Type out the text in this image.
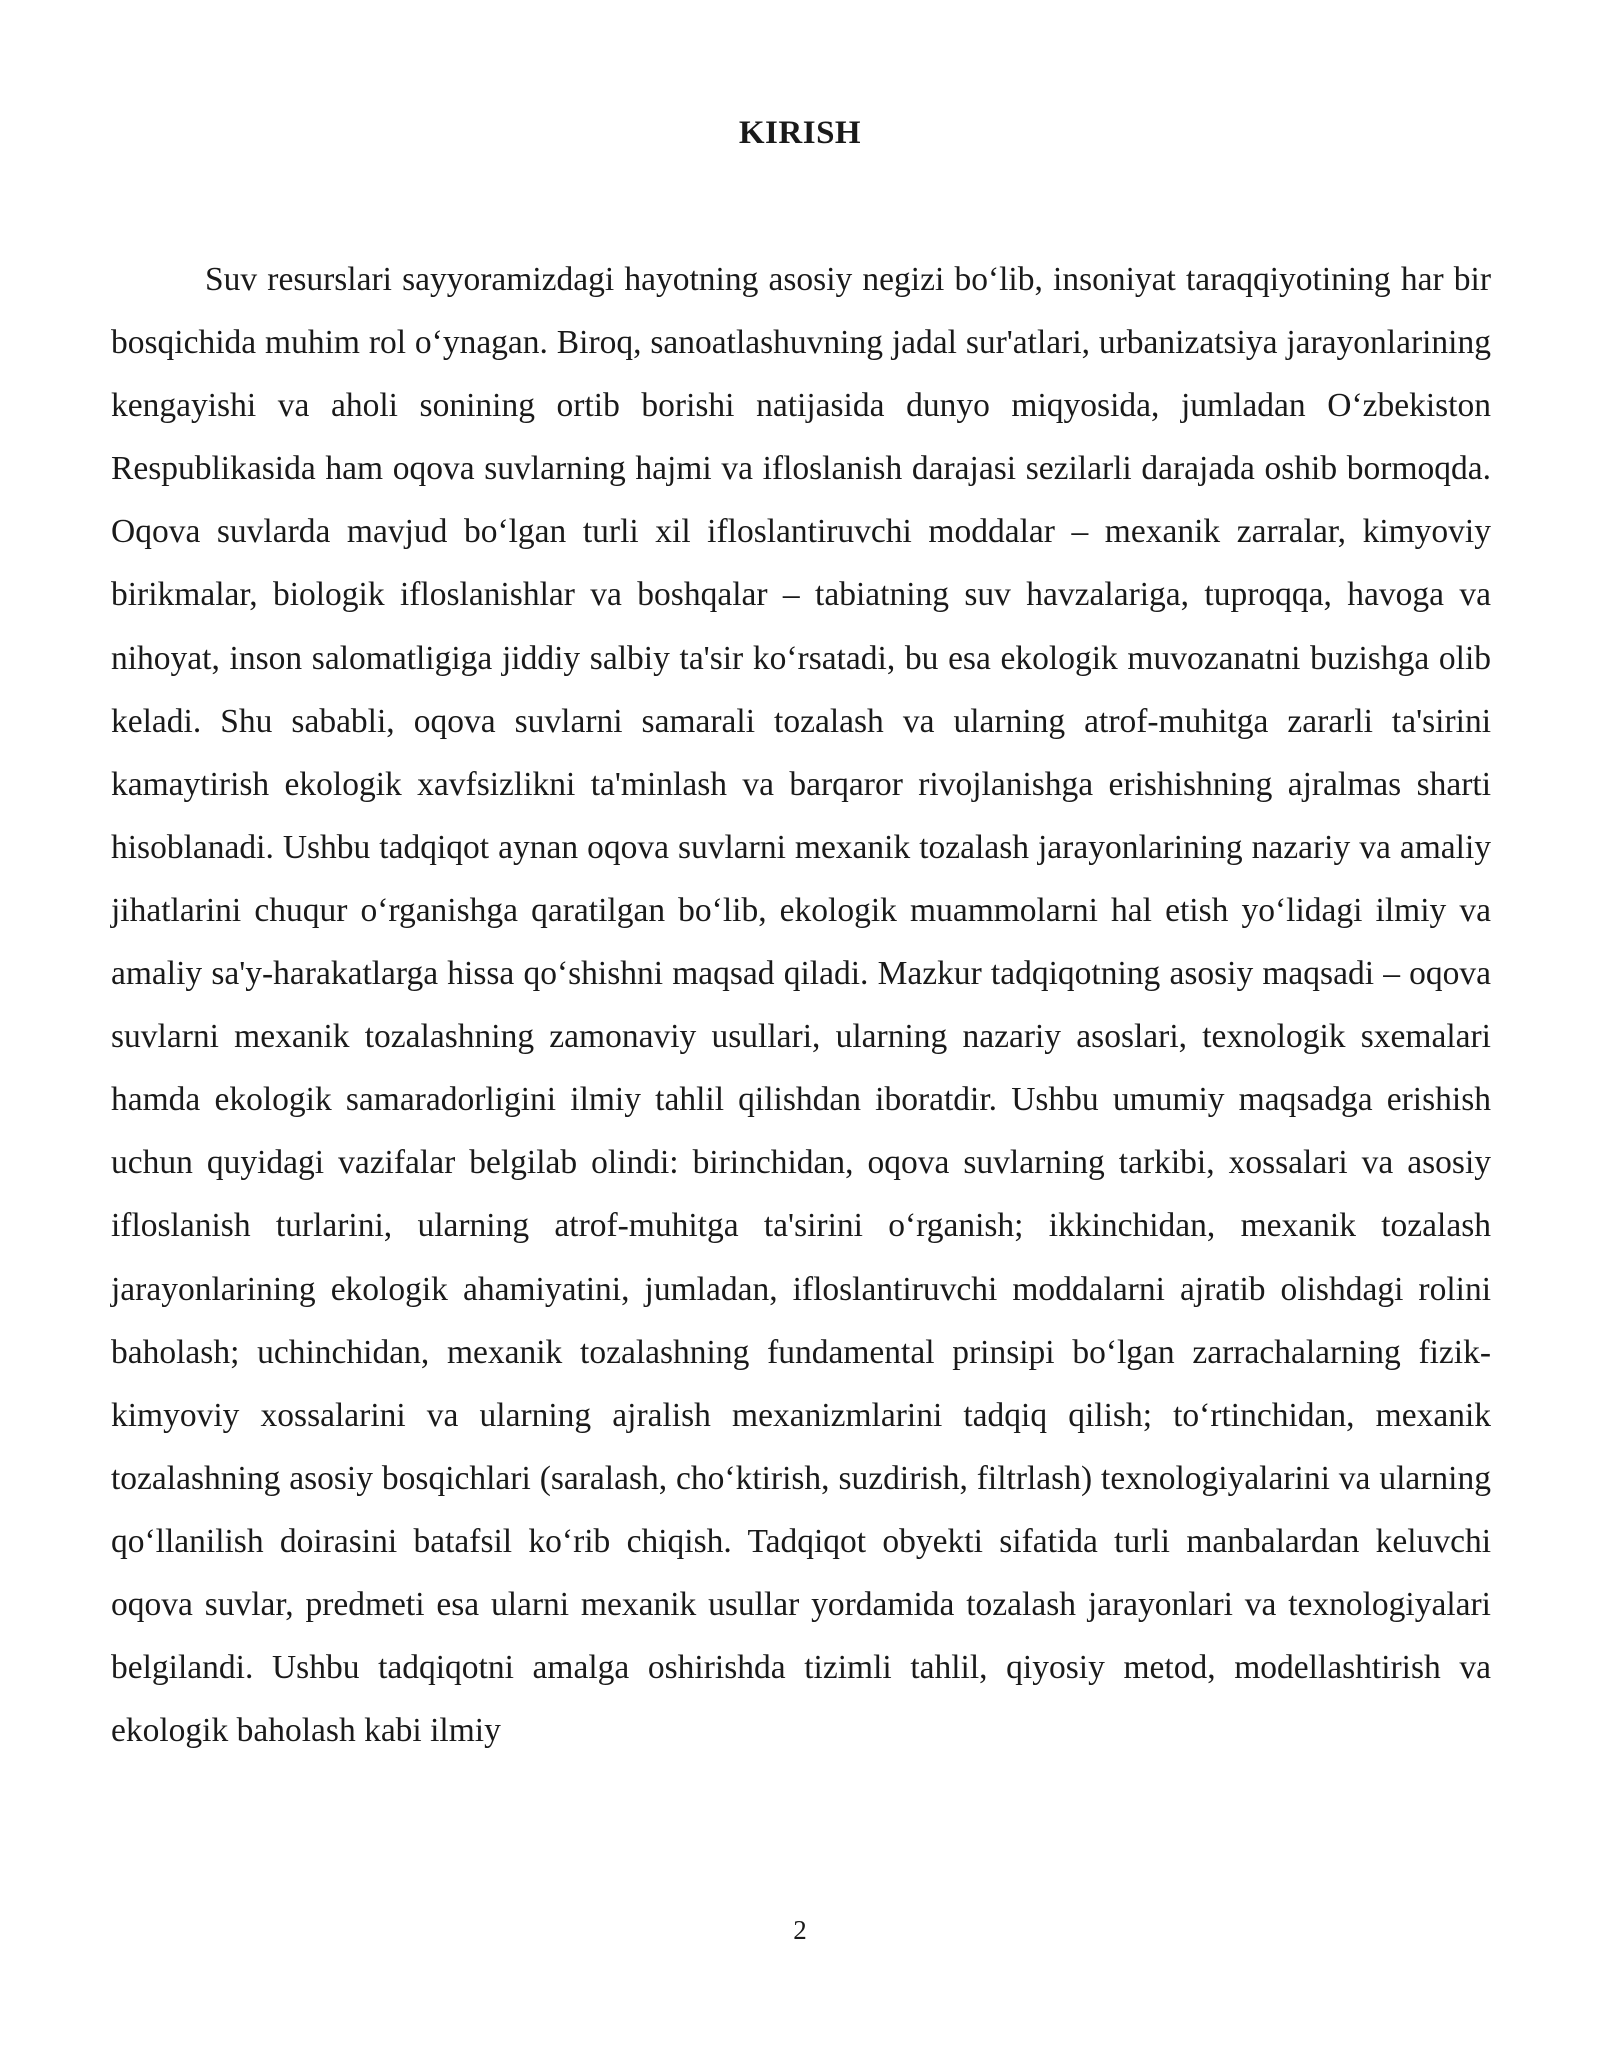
KIRISH

Suv resurslari sayyoramizdagi hayotning asosiy negizi boʻlib, insoniyat taraqqiyotining har bir bosqichida muhim rol oʻynagan. Biroq, sanoatlashuvning jadal sur'atlari, urbanizatsiya jarayonlarining kengayishi va aholi sonining ortib borishi natijasida dunyo miqyosida, jumladan Oʻzbekiston Respublikasida ham oqova suvlarning hajmi va ifloslanish darajasi sezilarli darajada oshib bormoqda. Oqova suvlarda mavjud boʻlgan turli xil ifloslantiruvchi moddalar – mexanik zarralar, kimyoviy birikmalar, biologik ifloslanishlar va boshqalar – tabiatning suv havzalariga, tuproqqa, havoga va nihoyat, inson salomatligiga jiddiy salbiy ta'sir koʻrsatadi, bu esa ekologik muvozanatni buzishga olib keladi. Shu sababli, oqova suvlarni samarali tozalash va ularning atrof-muhitga zararli ta'sirini kamaytirish ekologik xavfsizlikni ta'minlash va barqaror rivojlanishga erishishning ajralmas sharti hisoblanadi. Ushbu tadqiqot aynan oqova suvlarni mexanik tozalash jarayonlarining nazariy va amaliy jihatlarini chuqur oʻrganishga qaratilgan boʻlib, ekologik muammolarni hal etish yoʻlidagi ilmiy va amaliy sa'y-harakatlarga hissa qoʻshishni maqsad qiladi. Mazkur tadqiqotning asosiy maqsadi – oqova suvlarni mexanik tozalashning zamonaviy usullari, ularning nazariy asoslari, texnologik sxemalari hamda ekologik samaradorligini ilmiy tahlil qilishdan iboratdir. Ushbu umumiy maqsadga erishish uchun quyidagi vazifalar belgilab olindi: birinchidan, oqova suvlarning tarkibi, xossalari va asosiy ifloslanish turlarini, ularning atrof-muhitga ta'sirini oʻrganish; ikkinchidan, mexanik tozalash jarayonlarining ekologik ahamiyatini, jumladan, ifloslantiruvchi moddalarni ajratib olishdagi rolini baholash; uchinchidan, mexanik tozalashning fundamental prinsipi boʻlgan zarrachalarning fizik-kimyoviy xossalarini va ularning ajralish mexanizmlarini tadqiq qilish; toʻrtinchidan, mexanik tozalashning asosiy bosqichlari (saralash, choʻktirish, suzdirish, filtrlash) texnologiyalarini va ularning qoʻllanilish doirasini batafsil koʻrib chiqish. Tadqiqot obyekti sifatida turli manbalardan keluvchi oqova suvlar, predmeti esa ularni mexanik usullar yordamida tozalash jarayonlari va texnologiyalari belgilandi. Ushbu tadqiqotni amalga oshirishda tizimli tahlil, qiyosiy metod, modellashtirish va ekologik baholash kabi ilmiy

2
